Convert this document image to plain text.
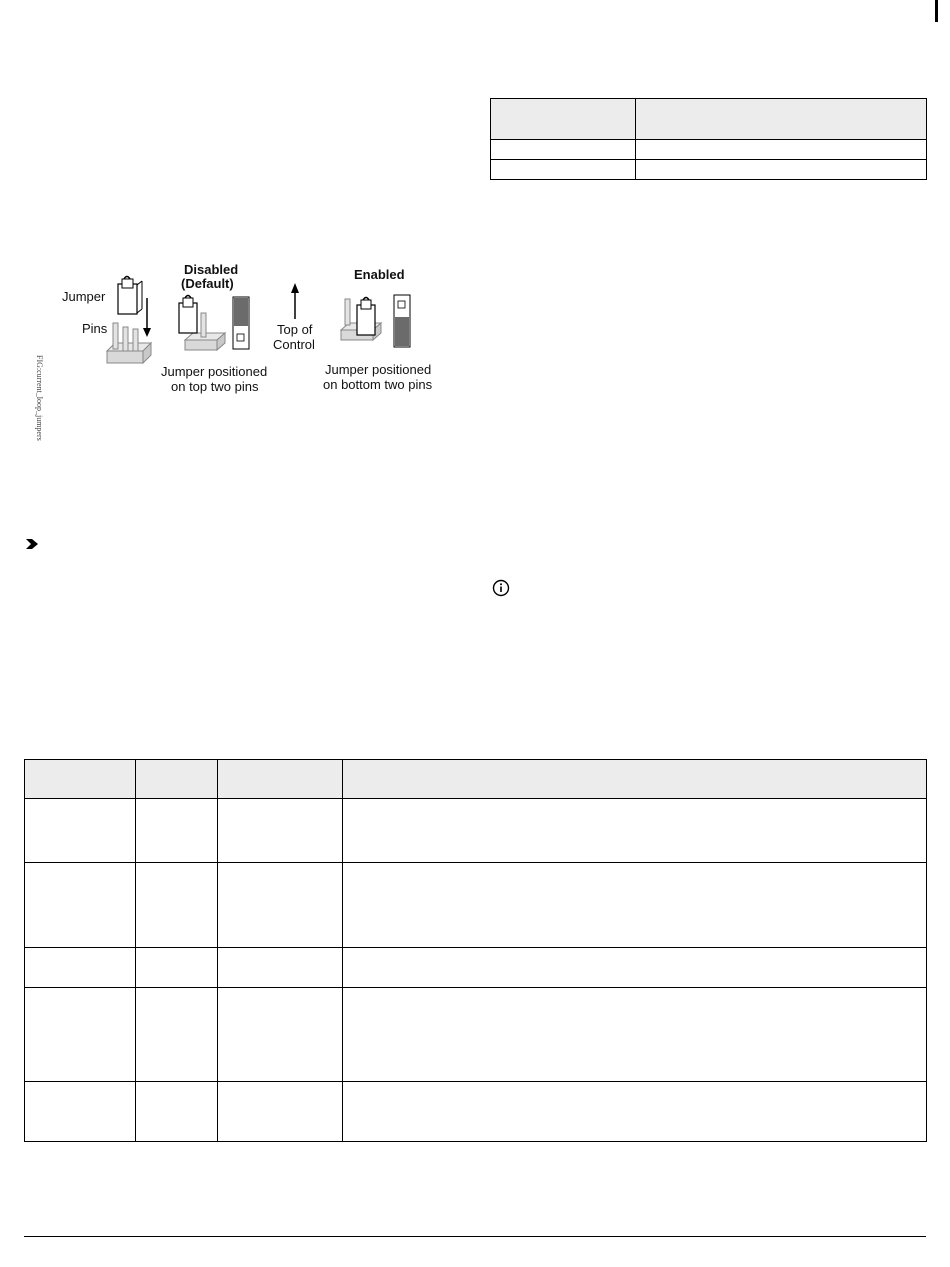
FIG:current_loop_jumpers
Jumper
Pins
Disabled
(Default)
Enabled
Top of
Control
Jumper positioned
on top two pins
Jumper positioned
on bottom two pins
